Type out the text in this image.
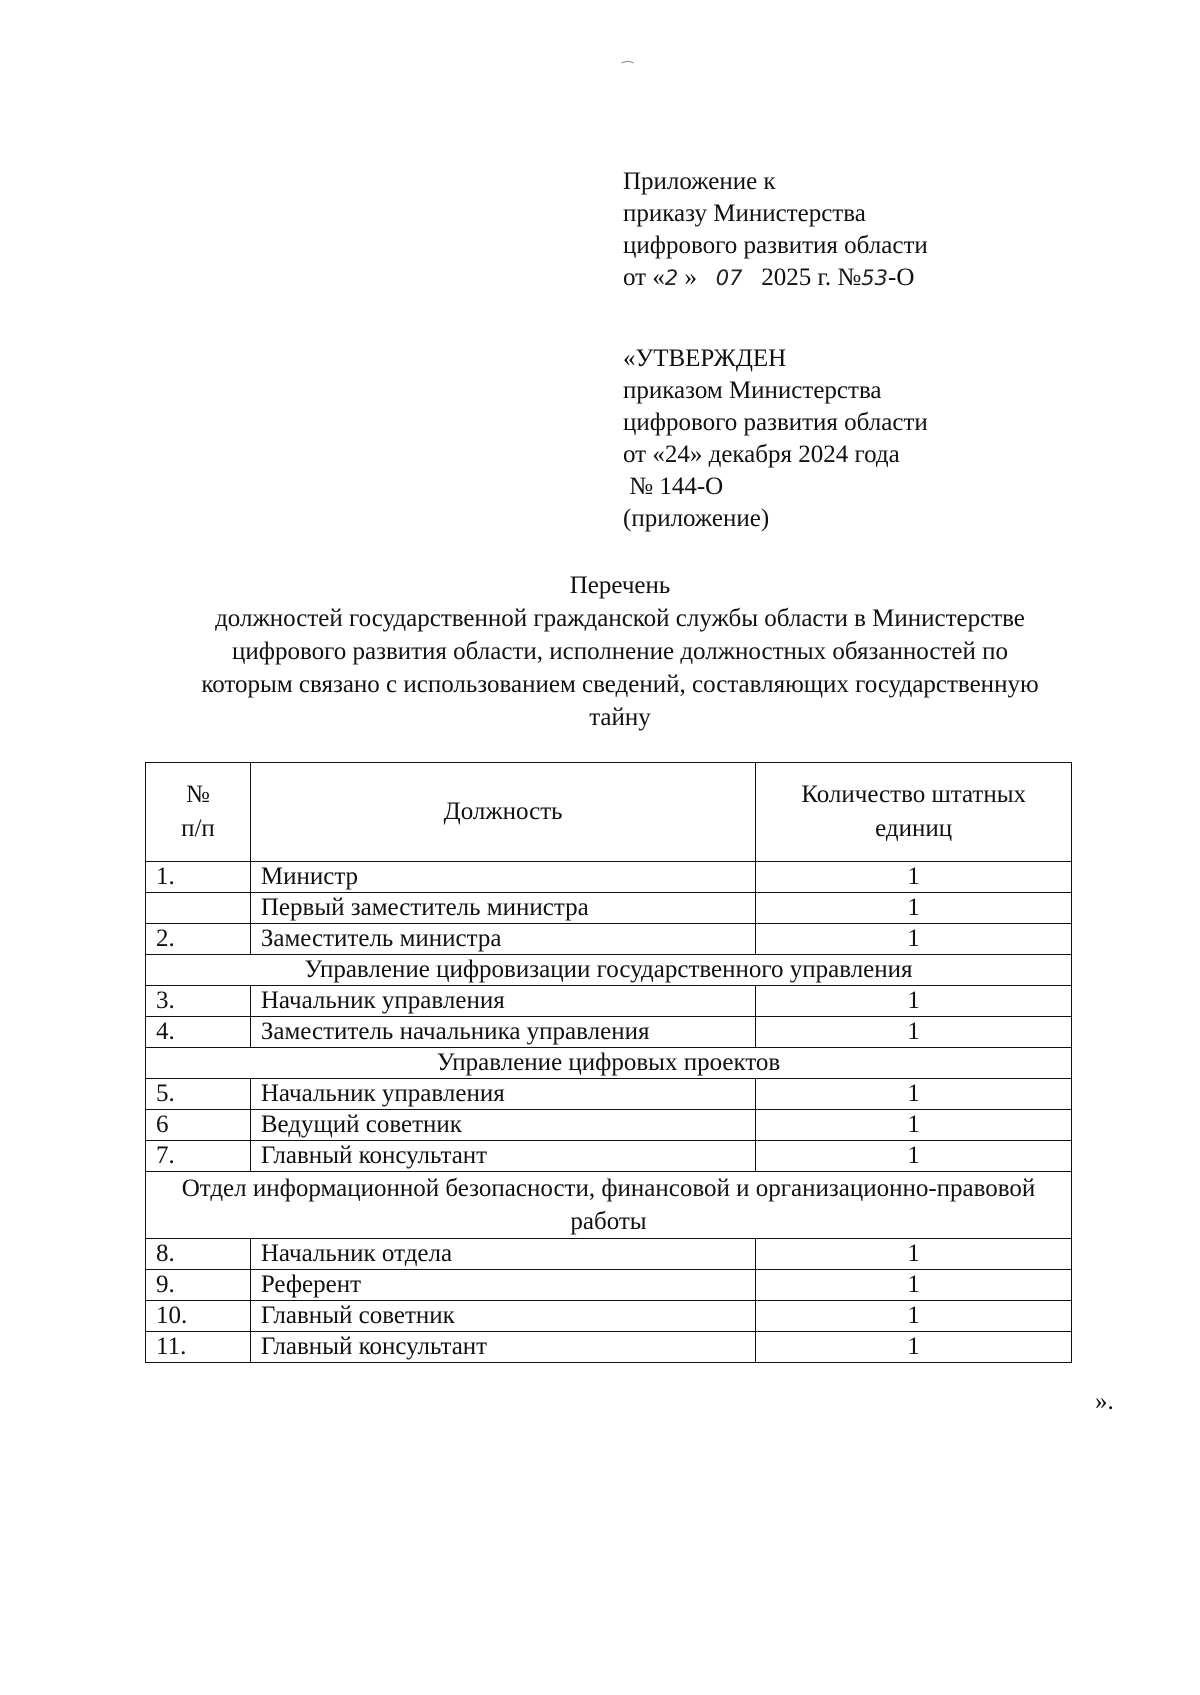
⁀
Приложение к
приказу Министерства
цифрового развития области
от «2 » 07 2025 г. №53-О
«УТВЕРЖДЕН
приказом Министерства
цифрового развития области
от «24» декабря 2024 года
№ 144-О
(приложение)
Перечень
должностей государственной гражданской службы области в Министерстве
цифрового развития области, исполнение должностных обязанностей по
которым связано с использованием сведений, составляющих государственную
тайну
№
п/п	Должность	Количество штатных единиц
1.	Министр	1
	Первый заместитель министра	1
2.	Заместитель министра	1
Управление цифровизации государственного управления		
3.	Начальник управления	1
4.	Заместитель начальника управления	1
Управление цифровых проектов		
5.	Начальник управления	1
6	Ведущий советник	1
7.	Главный консультант	1
Отдел информационной безопасности, финансовой и организационно-правовой работы		
8.	Начальник отдела	1
9.	Референт	1
10.	Главный советник	1
11.	Главный консультант	1
».
